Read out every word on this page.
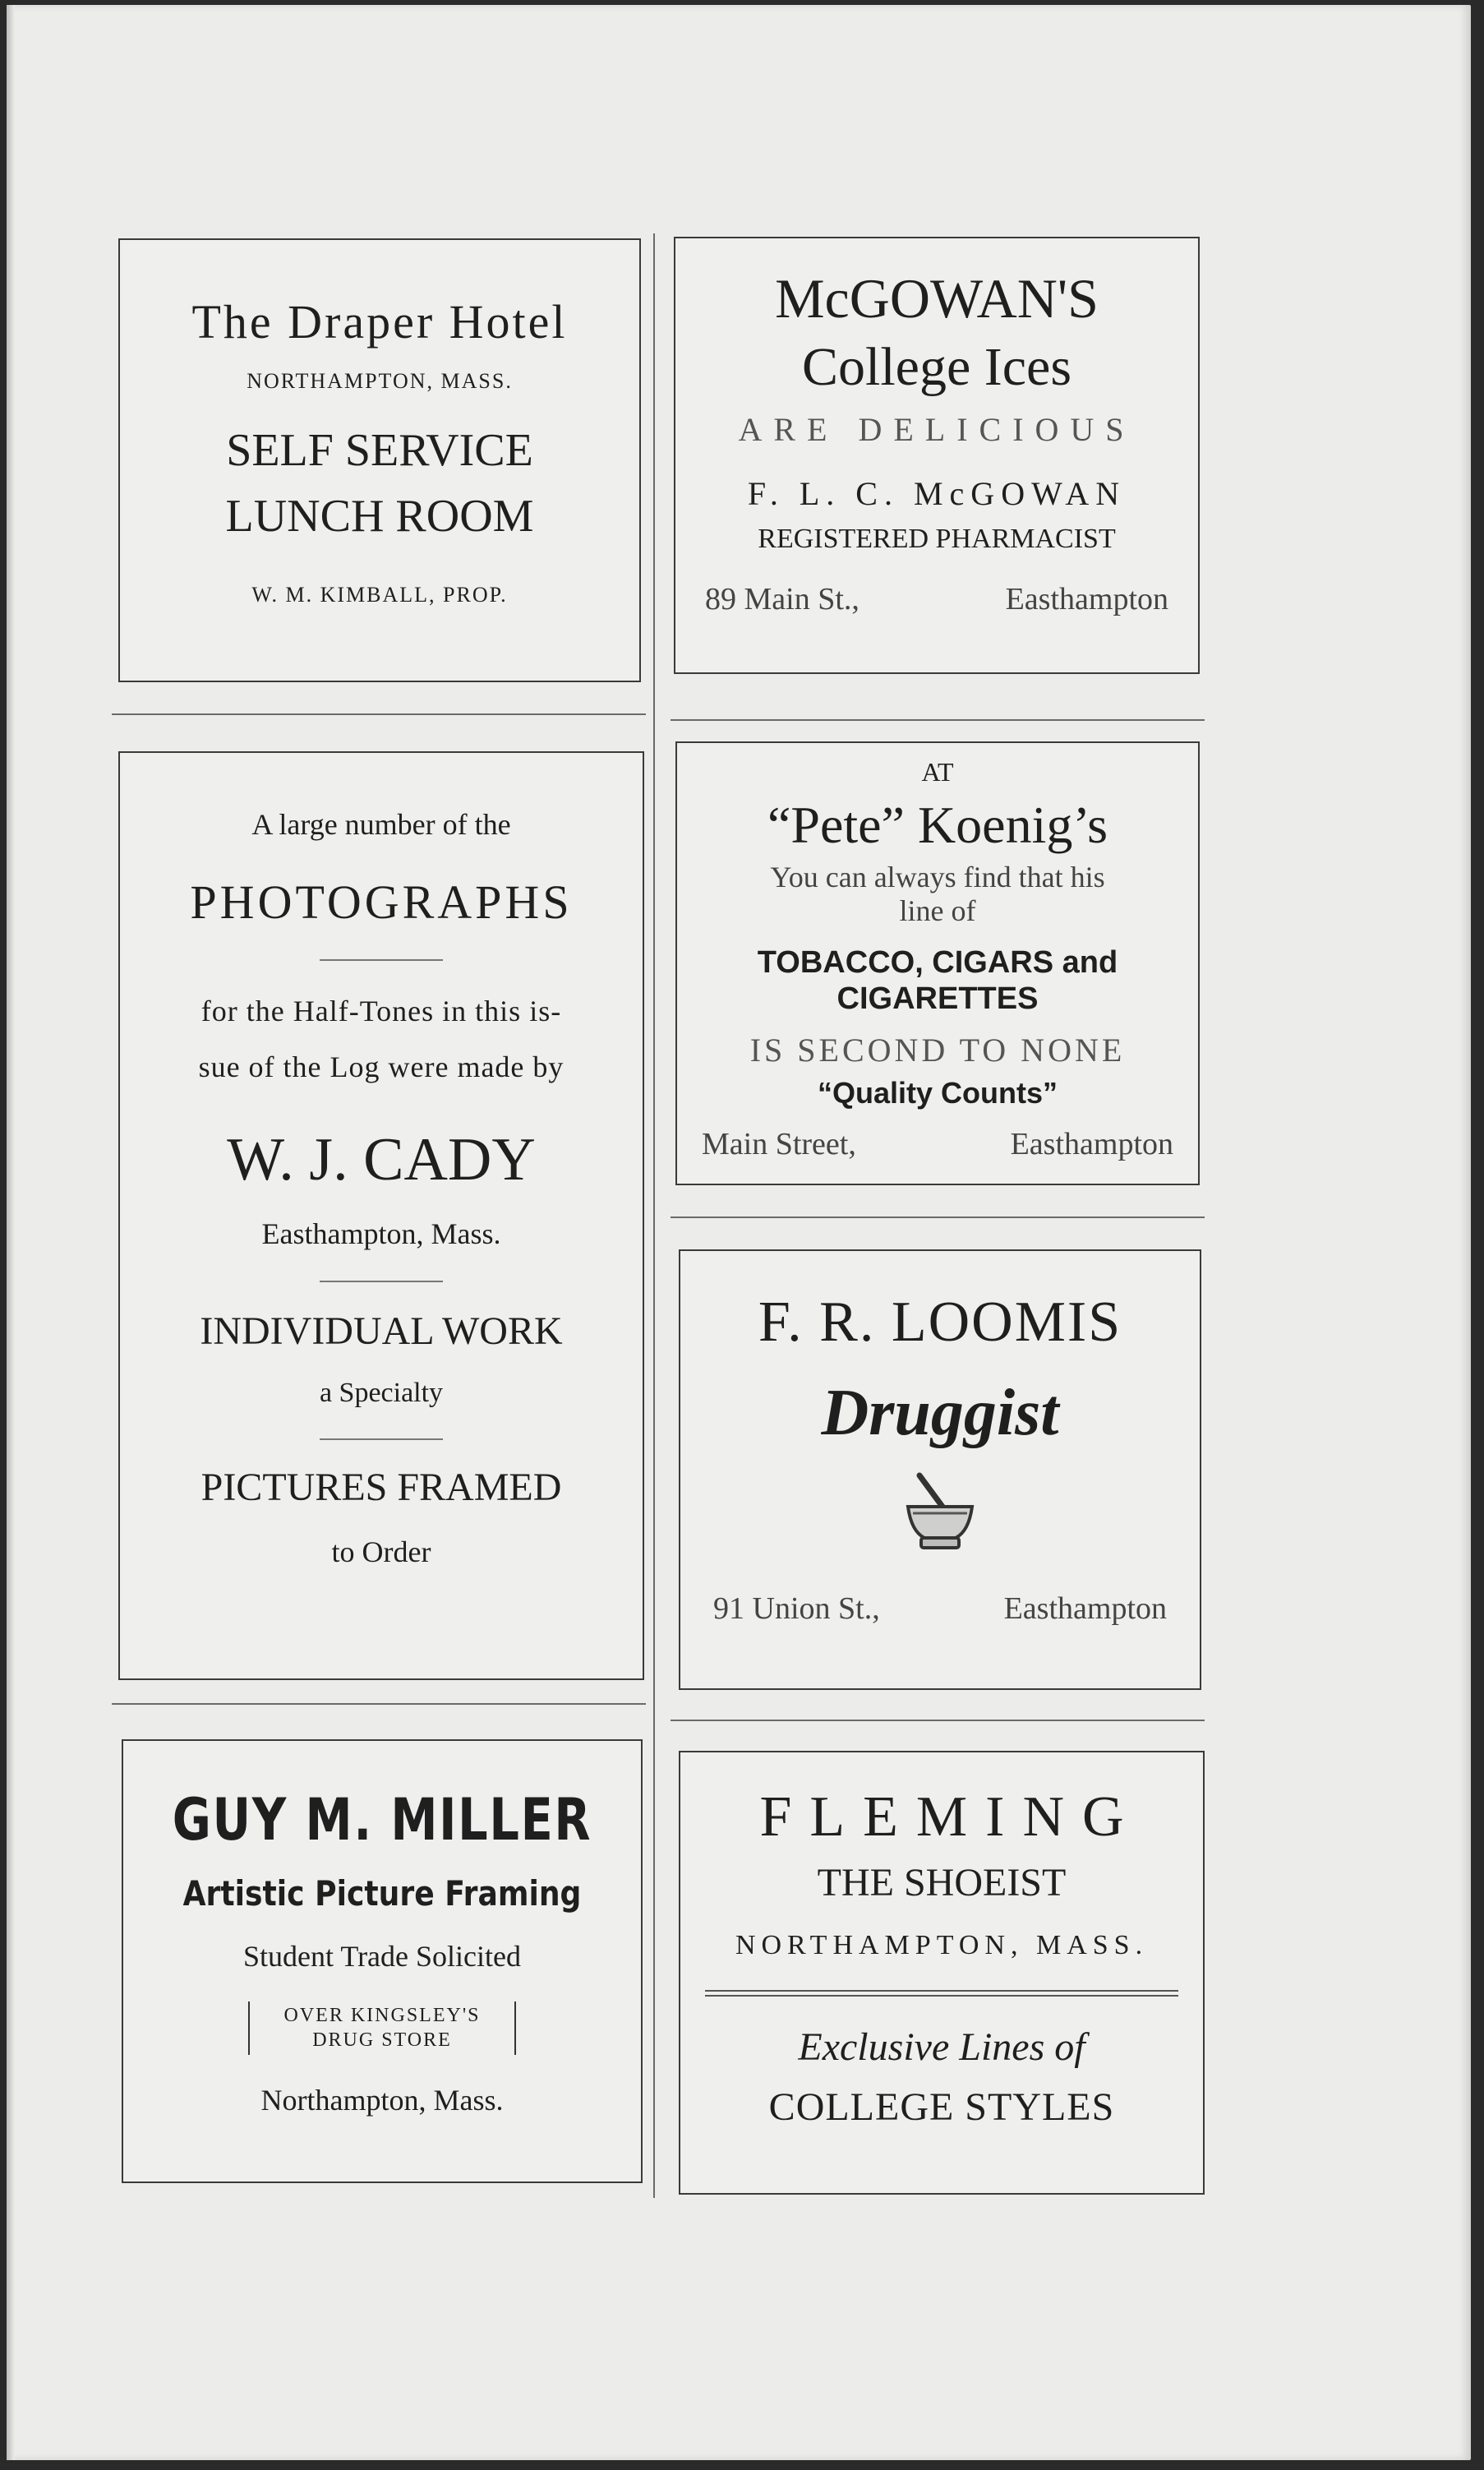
The Draper Hotel
NORTHAMPTON, MASS.
SELF SERVICE
LUNCH ROOM
W. M. KIMBALL, PROP.
McGOWAN'S
College Ices
ARE DELICIOUS
F. L. C. McGOWAN
REGISTERED PHARMACIST
89 Main St.,	Easthampton
A large number of the
PHOTOGRAPHS
for the Half-Tones in this is-
sue of the Log were made by
W. J. CADY
Easthampton, Mass.
INDIVIDUAL WORK
a Specialty
PICTURES FRAMED
to Order
AT
“Pete” Koenig’s
You can always find that his
line of
TOBACCO, CIGARS and
CIGARETTES
IS SECOND TO NONE
“Quality Counts”
Main Street,	Easthampton
F. R. LOOMIS
Druggist
91 Union St.,	Easthampton
GUY M. MILLER
Artistic Picture Framing
Student Trade Solicited
OVER KINGSLEY'S
DRUG STORE
Northampton, Mass.
FLEMING
THE SHOEIST
NORTHAMPTON, MASS.
Exclusive Lines of
COLLEGE STYLES
